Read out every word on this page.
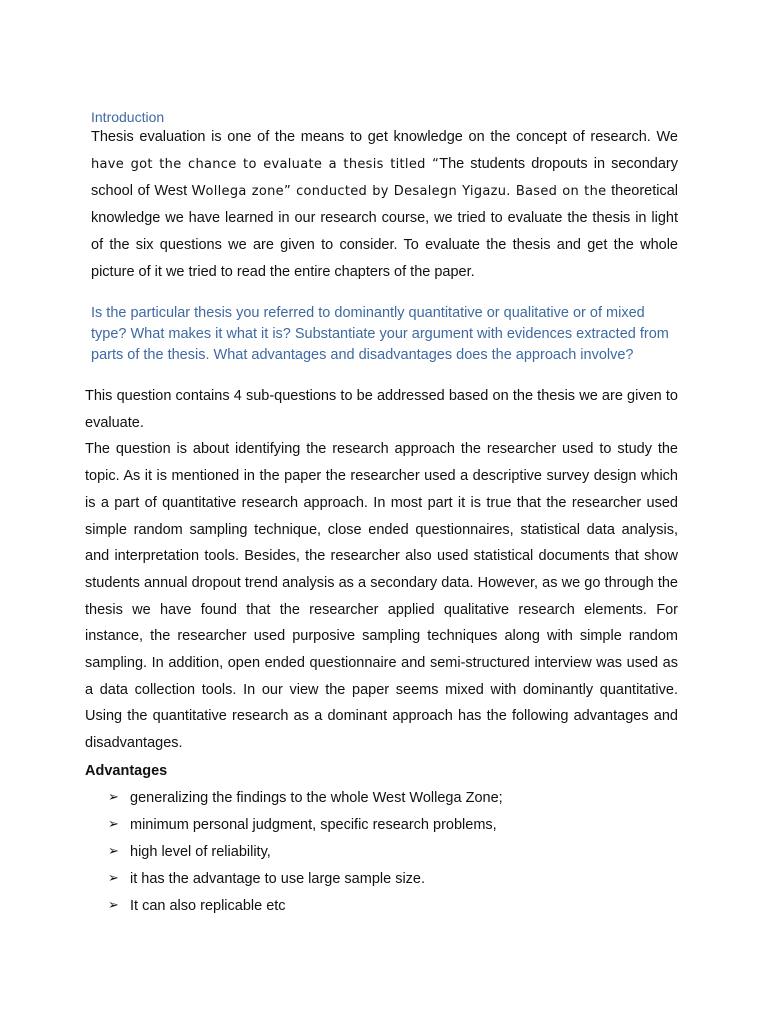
Introduction
Thesis evaluation is one of the means to get knowledge on the concept of research. We have got the chance to evaluate a thesis titled “The students dropouts in secondary school of West Wollega zone” conducted by Desalegn Yigazu. Based on the theoretical knowledge we have learned in our research course, we tried to evaluate the thesis in light of the six questions we are given to consider. To evaluate the thesis and get the whole picture of it we tried to read the entire chapters of the paper.
Is the particular thesis you referred to dominantly quantitative or qualitative or of mixed type? What makes it what it is? Substantiate your argument with evidences extracted from parts of the thesis. What advantages and disadvantages does the approach involve?

This question contains 4 sub-questions to be addressed based on the thesis we are given to evaluate.

The question is about identifying the research approach the researcher used to study the topic. As it is mentioned in the paper the researcher used a descriptive survey design which is a part of quantitative research approach. In most part it is true that the researcher used simple random sampling technique, close ended questionnaires, statistical data analysis, and interpretation tools. Besides, the researcher also used statistical documents that show students annual dropout trend analysis as a secondary data. However, as we go through the thesis we have found that the researcher applied qualitative research elements. For instance, the researcher used purposive sampling techniques along with simple random sampling. In addition, open ended questionnaire and semi-structured interview was used as a data collection tools. In our view the paper seems mixed with dominantly quantitative. Using the quantitative research as a dominant approach has the following advantages and disadvantages.

Advantages
➢ generalizing the findings to the whole West Wollega Zone;
➢ minimum personal judgment, specific research problems,
➢ high level of reliability,
➢ it has the advantage to use large sample size.
➢ It can also replicable etc
